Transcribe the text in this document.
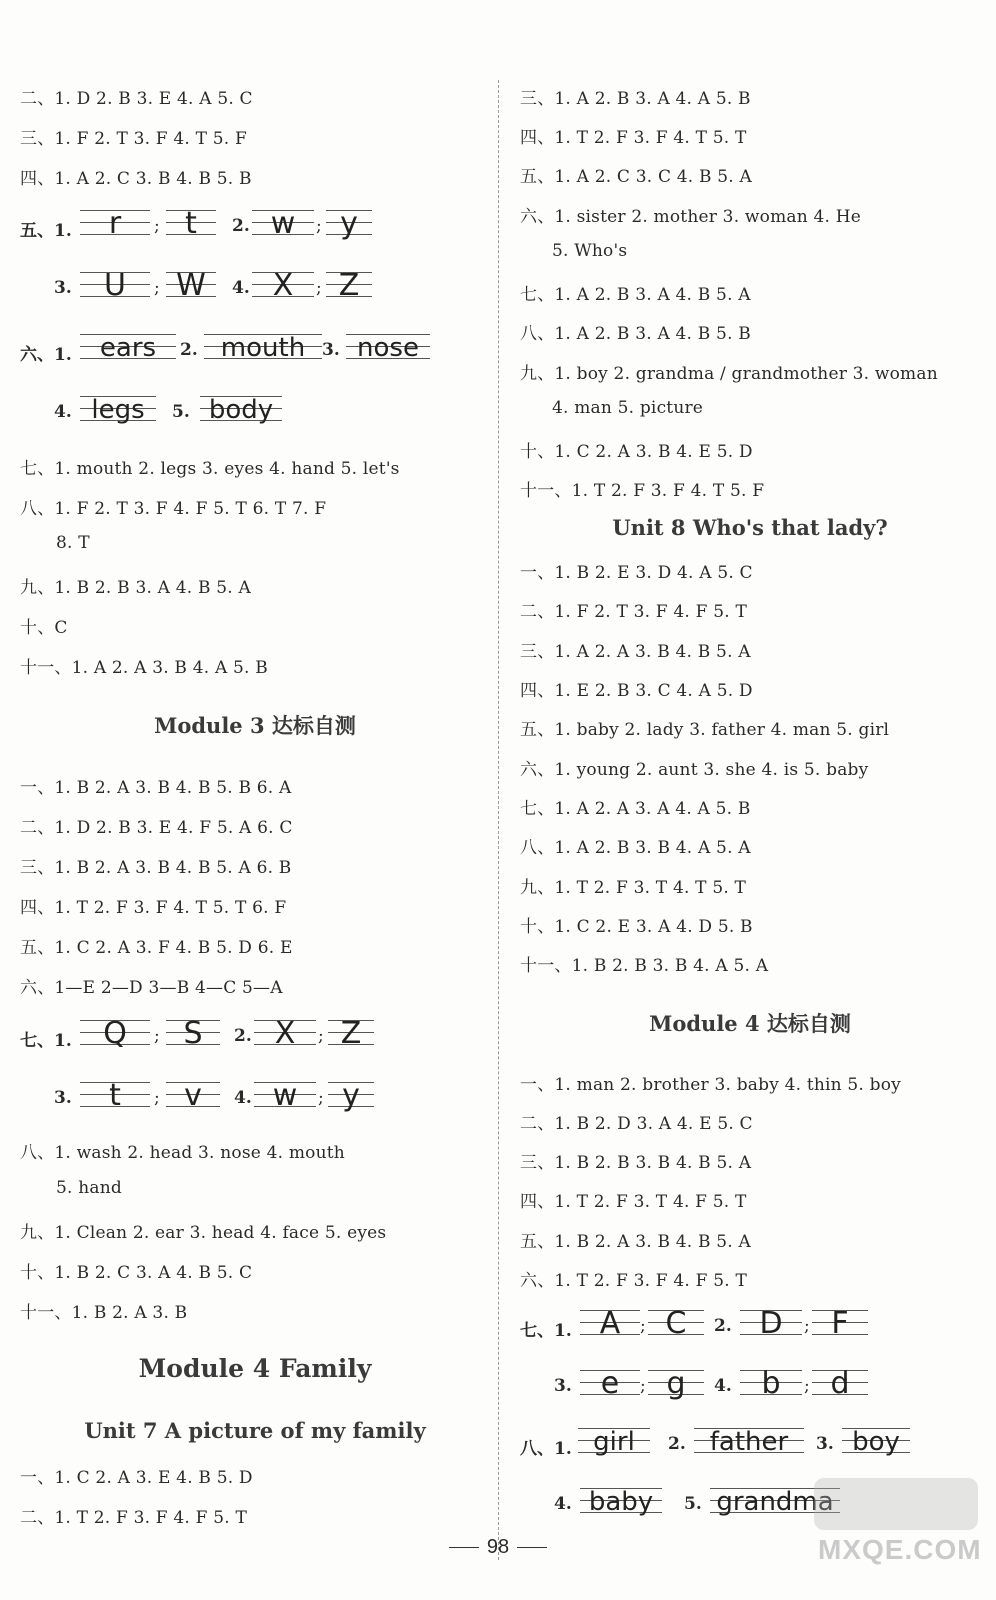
二、1. D 2. B 3. E 4. A 5. C
三、1. F 2. T 3. F 4. T 5. F
四、1. A 2. C 3. B 4. B 5. B
五、1.	r	; t	2. w	; y
3.	U	; W	4. X	; Z
六、1.	ears	2. mouth 3. nose
4. legs	5. body
七、1. mouth 2. legs 3. eyes 4. hand 5. let's
八、1. F 2. T 3. F 4. F 5. T 6. T 7. F
8. T
九、1. B 2. B 3. A 4. B 5. A
十、C
十一、1. A 2. A 3. B 4. A 5. B
Module 3 达标自测
一、1. B 2. A 3. B 4. B 5. B 6. A
二、1. D 2. B 3. E 4. F 5. A 6. C
三、1. B 2. A 3. B 4. B 5. A 6. B
四、1. T 2. F 3. F 4. T 5. T 6. F
五、1. C 2. A 3. F 4. B 5. D 6. E
六、1—E 2—D 3—B 4—C 5—A
七、1.	Q	; S	2. X	; Z
3.	t	; v	4. w	; y
八、1. wash 2. head 3. nose 4. mouth
5. hand
九、1. Clean 2. ear 3. head 4. face 5. eyes
十、1. B 2. C 3. A 4. B 5. C
十一、1. B 2. A 3. B
Module 4 Family
Unit 7 A picture of my family
一、1. C 2. A 3. E 4. B 5. D
二、1. T 2. F 3. F 4. F 5. T
三、1. A 2. B 3. A 4. A 5. B
四、1. T 2. F 3. F 4. T 5. T
五、1. A 2. C 3. C 4. B 5. A
六、1. sister 2. mother 3. woman 4. He
5. Who's
七、1. A 2. B 3. A 4. B 5. A
八、1. A 2. B 3. A 4. B 5. B
九、1. boy 2. grandma / grandmother 3. woman
4. man 5. picture
十、1. C 2. A 3. B 4. E 5. D
十一、1. T 2. F 3. F 4. T 5. F
Unit 8 Who's that lady?
一、1. B 2. E 3. D 4. A 5. C
二、1. F 2. T 3. F 4. F 5. T
三、1. A 2. A 3. B 4. B 5. A
四、1. E 2. B 3. C 4. A 5. D
五、1. baby 2. lady 3. father 4. man 5. girl
六、1. young 2. aunt 3. she 4. is 5. baby
七、1. A 2. A 3. A 4. A 5. B
八、1. A 2. B 3. B 4. A 5. A
九、1. T 2. F 3. T 4. T 5. T
十、1. C 2. E 3. A 4. D 5. B
十一、1. B 2. B 3. B 4. A 5. A
Module 4 达标自测
一、1. man 2. brother 3. baby 4. thin 5. boy
二、1. B 2. D 3. A 4. E 5. C
三、1. B 2. B 3. B 4. B 5. A
四、1. T 2. F 3. T 4. F 5. T
五、1. B 2. A 3. B 4. B 5. A
六、1. T 2. F 3. F 4. F 5. T
七、1. A	; C	2. D	; F
3. e	; g	4. b	; d
八、1. girl	2. father	3. boy
4. baby	5. grandma
98	MXQE.COM
